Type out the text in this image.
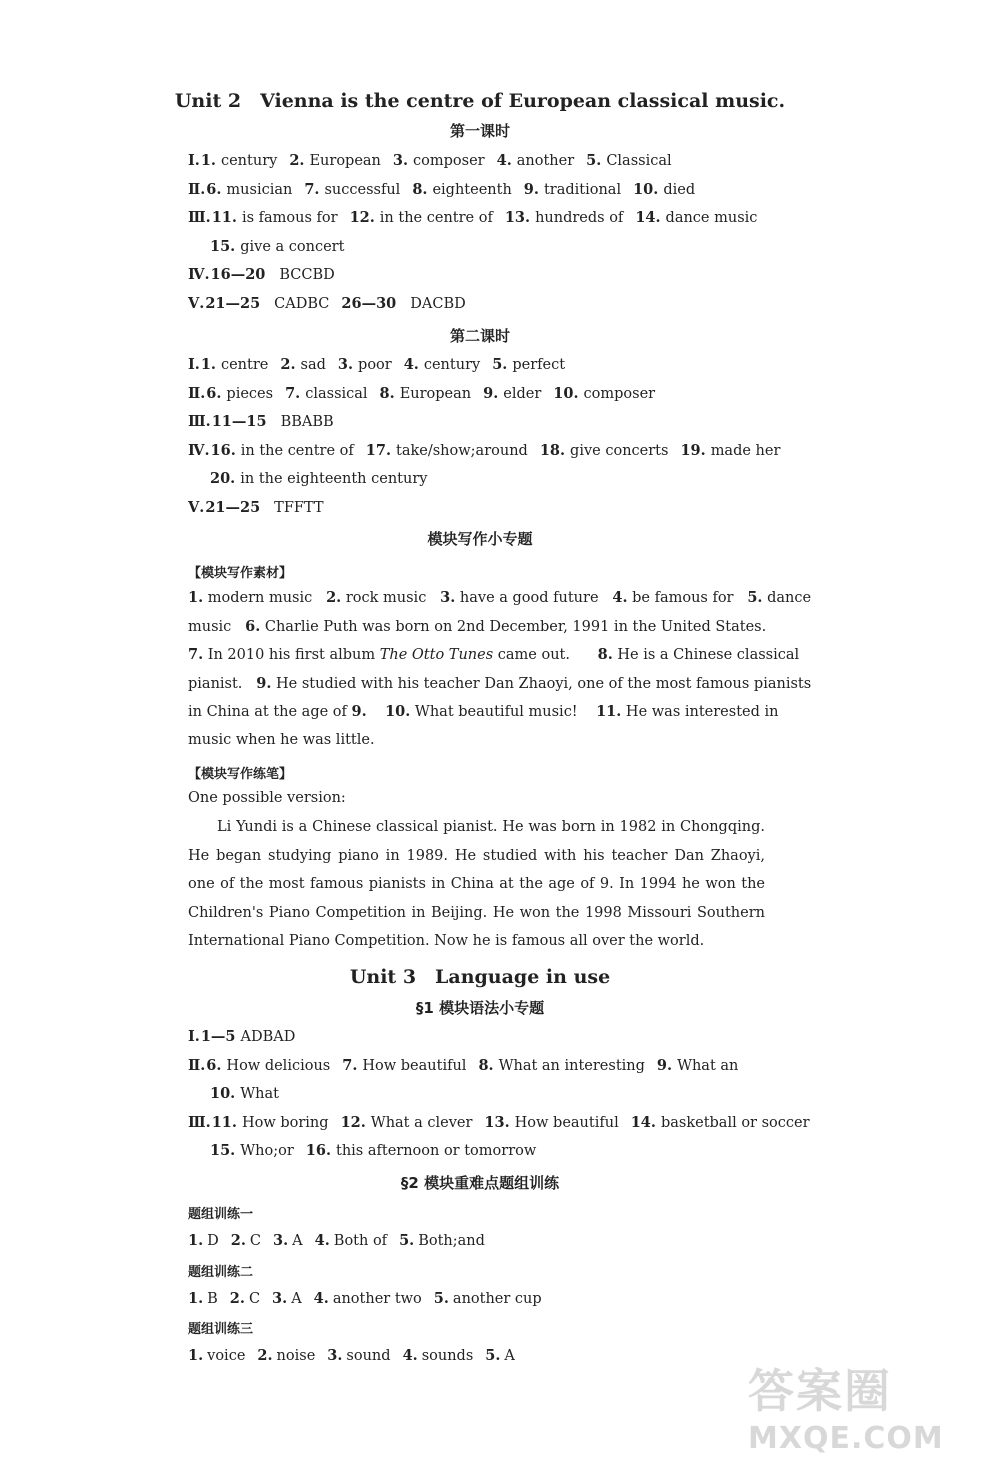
Unit 2　Vienna is the centre of European classical music.
第一课时
Ⅰ.1. century 2. European 3. composer 4. another 5. Classical
Ⅱ.6. musician 7. successful 8. eighteenth 9. traditional 10. died
Ⅲ.11. is famous for 12. in the centre of 13. hundreds of 14. dance music
15. give a concert
Ⅳ.16—20 BCCBD
Ⅴ.21—25 CADBC 26—30 DACBD
第二课时
Ⅰ.1. centre 2. sad 3. poor 4. century 5. perfect
Ⅱ.6. pieces 7. classical 8. European 9. elder 10. composer
Ⅲ.11—15 BBABB
Ⅳ.16. in the centre of 17. take/show;around 18. give concerts 19. made her
20. in the eighteenth century
Ⅴ.21—25 TFFTT
模块写作小专题
【模块写作素材】
1. modern music   2. rock music   3. have a good future   4. be famous for   5. dance
music   6. Charlie Puth was born on 2nd December, 1991 in the United States.
7. In 2010 his first album The Otto Tunes came out.      8. He is a Chinese classical
pianist.   9. He studied with his teacher Dan Zhaoyi, one of the most famous pianists
in China at the age of 9. 10. What beautiful music!    11. He was interested in
music when he was little.
【模块写作练笔】
One possible version:
Li Yundi is a Chinese classical pianist. He was born in 1982 in Chongqing. He began studying piano in 1989. He studied with his teacher Dan Zhaoyi, one of the most famous pianists in China at the age of 9. In 1994 he won the Children's Piano Competition in Beijing. He won the 1998 Missouri Southern International Piano Competition. Now he is famous all over the world.
Unit 3　Language in use
§1 模块语法小专题
Ⅰ.1—5 ADBAD
Ⅱ.6. How delicious 7. How beautiful 8. What an interesting 9. What an
10. What
Ⅲ.11. How boring 12. What a clever 13. How beautiful 14. basketball or soccer
15. Who;or 16. this afternoon or tomorrow
§2 模块重难点题组训练
题组训练一
1. D 2. C 3. A 4. Both of 5. Both;and
题组训练二
1. B 2. C 3. A 4. another two 5. another cup
题组训练三
1. voice 2. noise 3. sound 4. sounds 5. A
答案圈
MXQE.COM
